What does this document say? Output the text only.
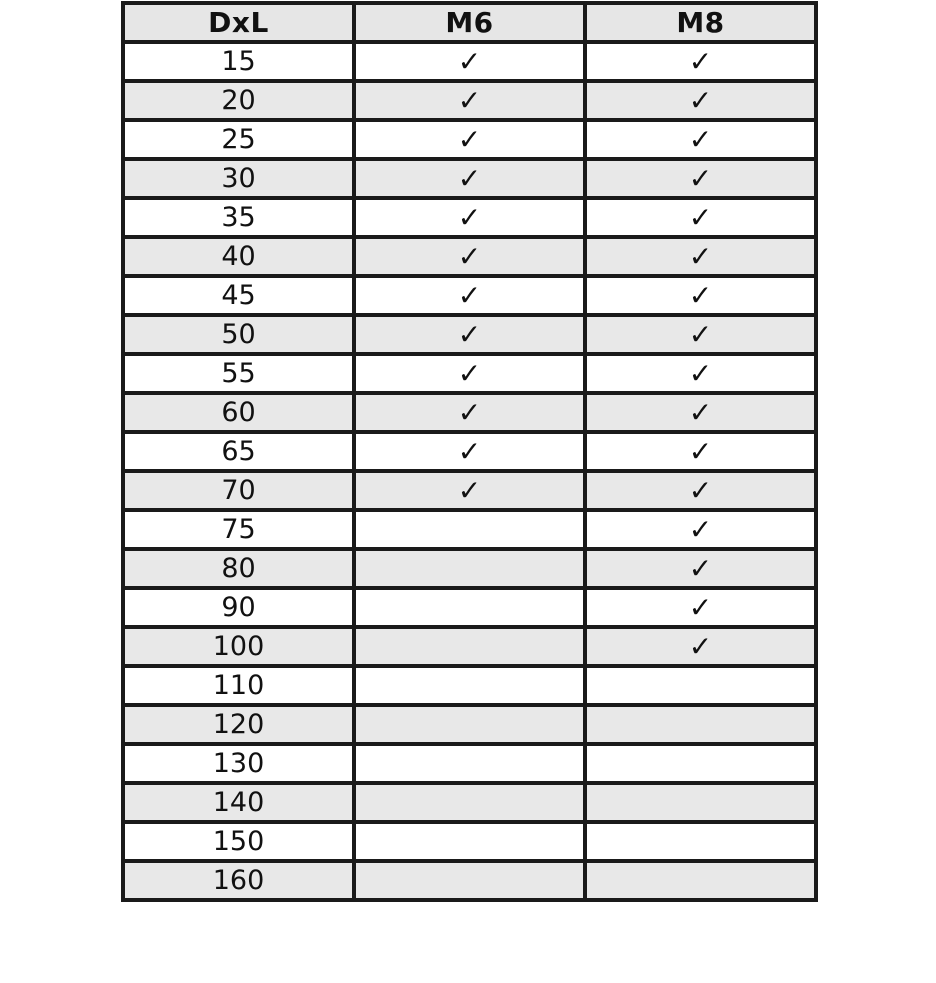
DxL	M6	M8
15	✓	✓
20	✓	✓
25	✓	✓
30	✓	✓
35	✓	✓
40	✓	✓
45	✓	✓
50	✓	✓
55	✓	✓
60	✓	✓
65	✓	✓
70	✓	✓
75		✓
80		✓
90		✓
100		✓
110		
120		
130		
140		
150		
160		
